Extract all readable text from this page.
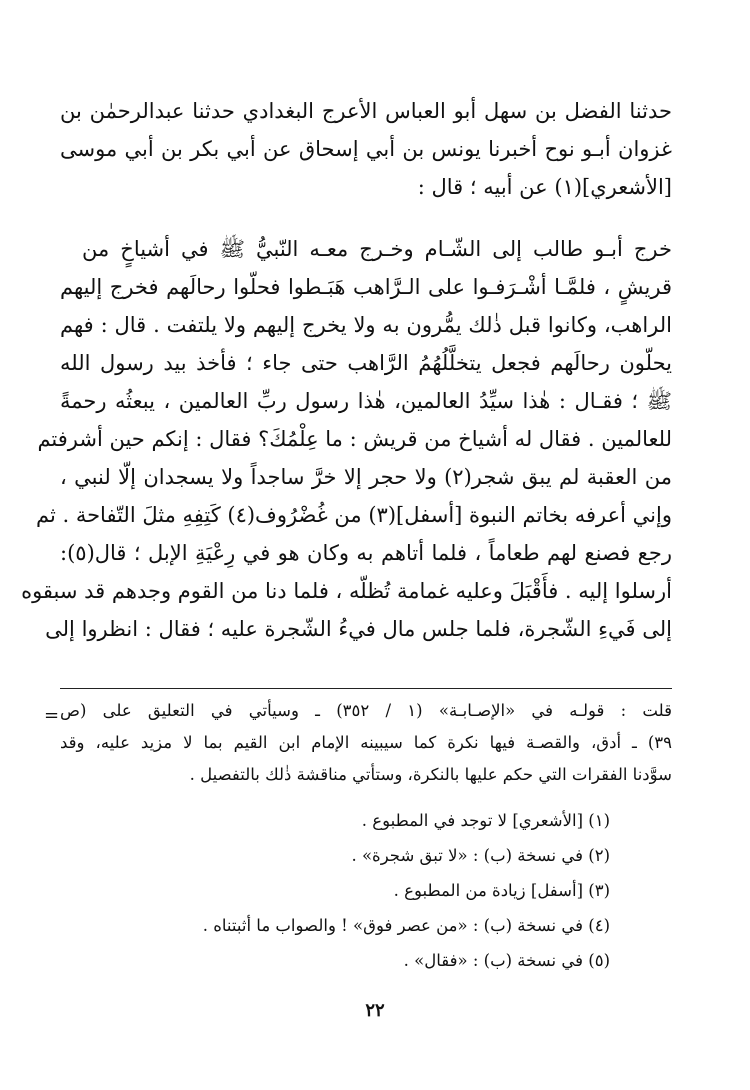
حدثنا الفضل بن سهل أبو العباس الأعرج البغدادي حدثنا عبدالرحمٰن بن
غزوان أبـو نوح أخبرنا يونس بن أبي إسحاق عن أبي بكر بن أبي موسى
[الأشعري](١) عن أبيه ؛ قال :
خرج أبـو طالب إلى الشّـام وخـرج معـه النّبيُّ ﷺ في أشياخٍ من
قريشٍ ، فلمَّـا أشْـرَفـوا على الـرَّاهب هَبَـطوا فحلّوا رحالَهم فخرج إليهم
الراهب، وكانوا قبل ذٰلك يمُّرون به ولا يخرج إليهم ولا يلتفت . قال : فهم
يحلّون رحالَهم فجعل يتخلَّلُهُمُ الرَّاهب حتى جاء ؛ فأخذ بيد رسول الله
ﷺ ؛ فقـال : هٰذا سيِّدُ العالمين، هٰذا رسول ربِّ العالمين ، يبعثُه رحمةً
للعالمين . فقال له أشياخ من قريش : ما عِلْمُكَ؟ فقال : إنكم حين أشرفتم
من العقبة لم يبق شجر(٢) ولا حجر إلا خرَّ ساجداً ولا يسجدان إلّا لنبي ،
وإني أعرفه بخاتم النبوة [أسفل](٣) من غُضْرُوف(٤) كَتِفِهِ مثلَ التّفاحة . ثم
رجع فصنع لهم طعاماً ، فلما أتاهم به وكان هو في رِعْيَةِ الإبل ؛ قال(٥):
أرسلوا إليه . فأَقْبَلَ وعليه غمامة تُظلّه ، فلما دنا من القوم وجدهم قد سبقوه
إلى فَيءِ الشّجرة، فلما جلس مال فيءُ الشّجرة عليه ؛ فقال : انظروا إلى
= قلت : قولـه في «الإصـابـة» (١ / ٣٥٢) ـ وسيأتي في التعليق على (ص
٣٩) ـ أدق، والقصـة فيها نكرة كما سيبينه الإمام ابن القيم بما لا مزيد عليه، وقد
سوَّدنا الفقرات التي حكم عليها بالنكرة، وستأتي مناقشة ذٰلك بالتفصيل .
(١) [الأشعري] لا توجد في المطبوع .
(٢) في نسخة (ب) : «لا تبق شجرة» .
(٣) [أسفل] زيادة من المطبوع .
(٤) في نسخة (ب) : «من عصر فوق» ! والصواب ما أثبتناه .
(٥) في نسخة (ب) : «فقال» .
٢٢
